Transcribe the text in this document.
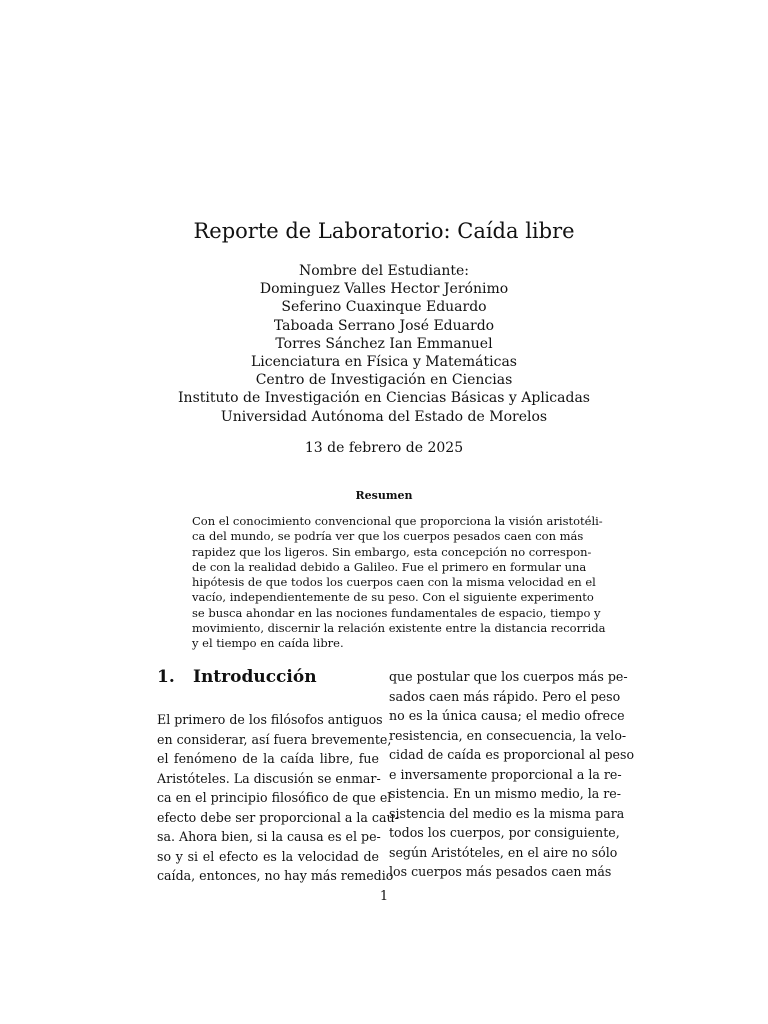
Reporte de Laboratorio: Caída libre
Nombre del Estudiante:
Dominguez Valles Hector Jerónimo
Seferino Cuaxinque Eduardo
Taboada Serrano José Eduardo
Torres Sánchez Ian Emmanuel
Licenciatura en Física y Matemáticas
Centro de Investigación en Ciencias
Instituto de Investigación en Ciencias Básicas y Aplicadas
Universidad Autónoma del Estado de Morelos
13 de febrero de 2025
Resumen
Con el conocimiento convencional que proporciona la visión aristotéli-
ca del mundo, se podría ver que los cuerpos pesados caen con más
rapidez que los ligeros. Sin embargo, esta concepción no correspon-
de con la realidad debido a Galileo. Fue el primero en formular una
hipótesis de que todos los cuerpos caen con la misma velocidad en el
vacío, independientemente de su peso. Con el siguiente experimento
se busca ahondar en las nociones fundamentales de espacio, tiempo y
movimiento, discernir la relación existente entre la distancia recorrida
y el tiempo en caída libre.
1. Introducción
El primero de los filósofos antiguos
en considerar, así fuera brevemente,
el fenómeno de la caída libre, fue
Aristóteles. La discusión se enmar-
ca en el principio filosófico de que el
efecto debe ser proporcional a la cau-
sa. Ahora bien, si la causa es el pe-
so y si el efecto es la velocidad de
caída, entonces, no hay más remedio
que postular que los cuerpos más pe-
sados caen más rápido. Pero el peso
no es la única causa; el medio ofrece
resistencia, en consecuencia, la velo-
cidad de caída es proporcional al peso
e inversamente proporcional a la re-
sistencia. En un mismo medio, la re-
sistencia del medio es la misma para
todos los cuerpos, por consiguiente,
según Aristóteles, en el aire no sólo
los cuerpos más pesados caen más
1
